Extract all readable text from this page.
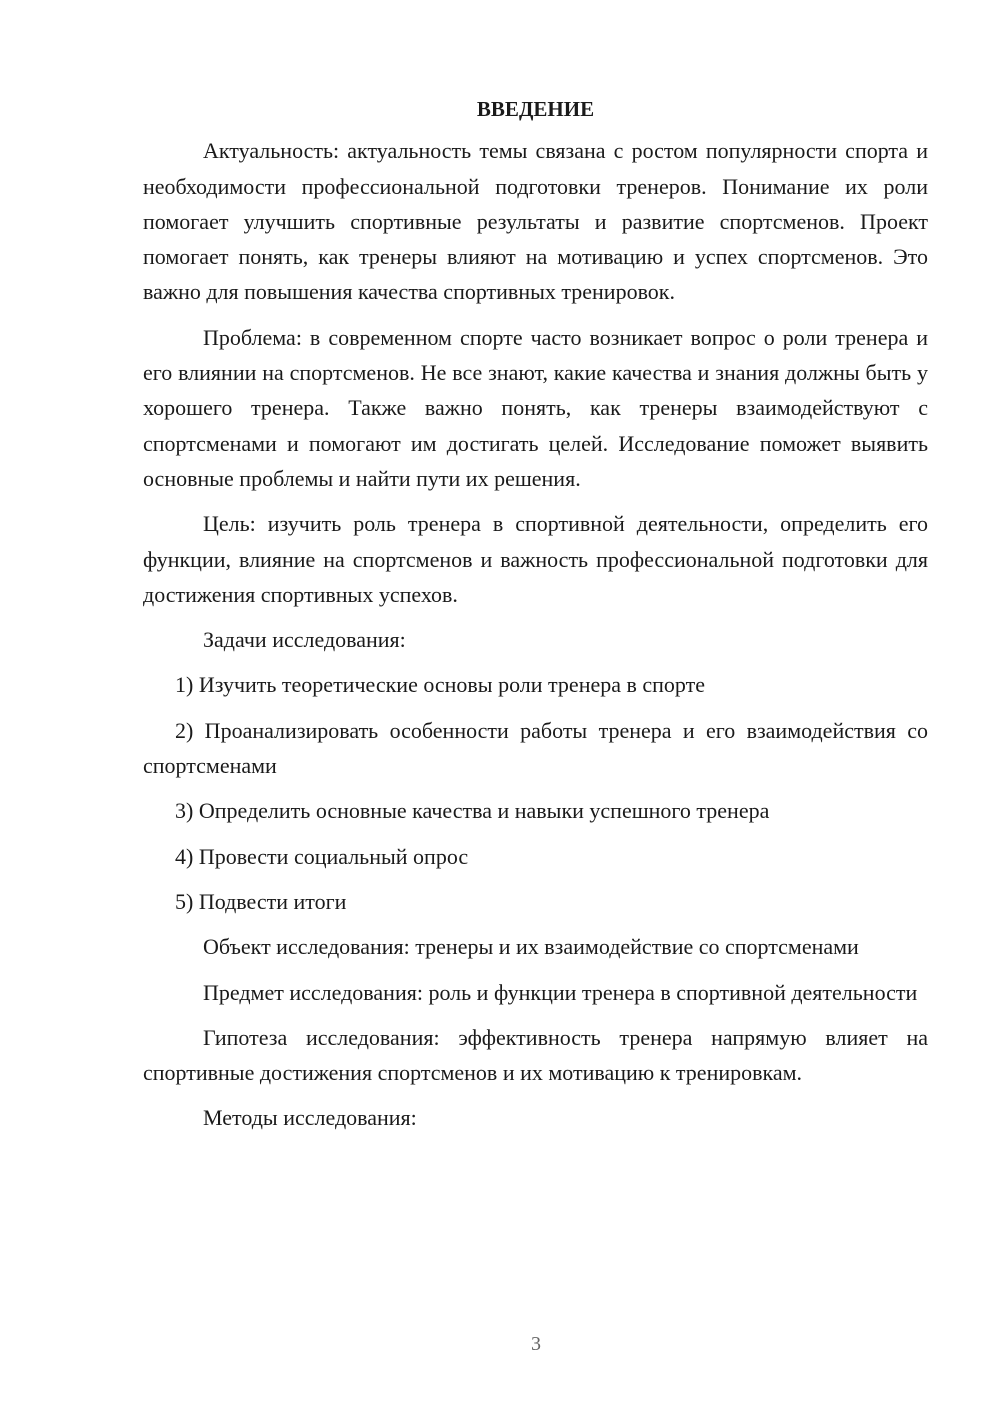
ВВЕДЕНИЕ

Актуальность: актуальность темы связана с ростом популярности спорта и необходимости профессиональной подготовки тренеров. Понимание их роли помогает улучшить спортивные результаты и развитие спортсменов. Проект помогает понять, как тренеры влияют на мотивацию и успех спортсменов. Это важно для повышения качества спортивных тренировок.

Проблема: в современном спорте часто возникает вопрос о роли тренера и его влиянии на спортсменов. Не все знают, какие качества и знания должны быть у хорошего тренера. Также важно понять, как тренеры взаимодействуют с спортсменами и помогают им достигать целей. Исследование поможет выявить основные проблемы и найти пути их решения.

Цель: изучить роль тренера в спортивной деятельности, определить его функции, влияние на спортсменов и важность профессиональной подготовки для достижения спортивных успехов.

Задачи исследования:

1) Изучить теоретические основы роли тренера в спорте

2) Проанализировать особенности работы тренера и его взаимодействия со спортсменами

3) Определить основные качества и навыки успешного тренера

4) Провести социальный опрос

5) Подвести итоги

Объект исследования: тренеры и их взаимодействие со спортсменами

Предмет исследования: роль и функции тренера в спортивной деятельности

Гипотеза исследования: эффективность тренера напрямую влияет на спортивные достижения спортсменов и их мотивацию к тренировкам.

Методы исследования:

3
